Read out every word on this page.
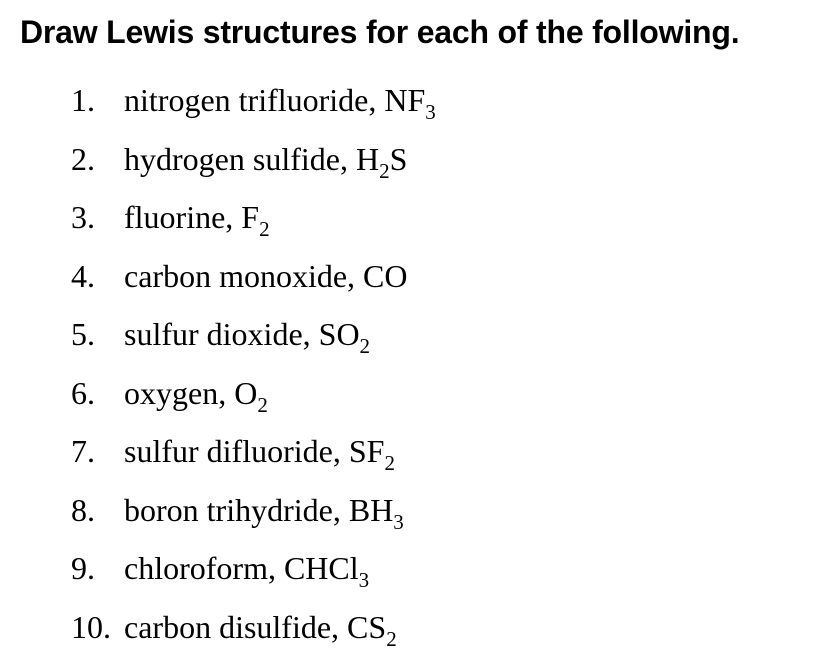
Draw Lewis structures for each of the following.
1. nitrogen trifluoride, $NF_3$
2. hydrogen sulfide, $H_2S$
3. fluorine, $F_2$
4. carbon monoxide, CO
5. sulfur dioxide, $SO_2$
6. oxygen, $O_2$
7. sulfur difluoride, $SF_2$
8. boron trihydride, $BH_3$
9. chloroform, CHCl$_3$
10. carbon disulfide, $CS_2$
